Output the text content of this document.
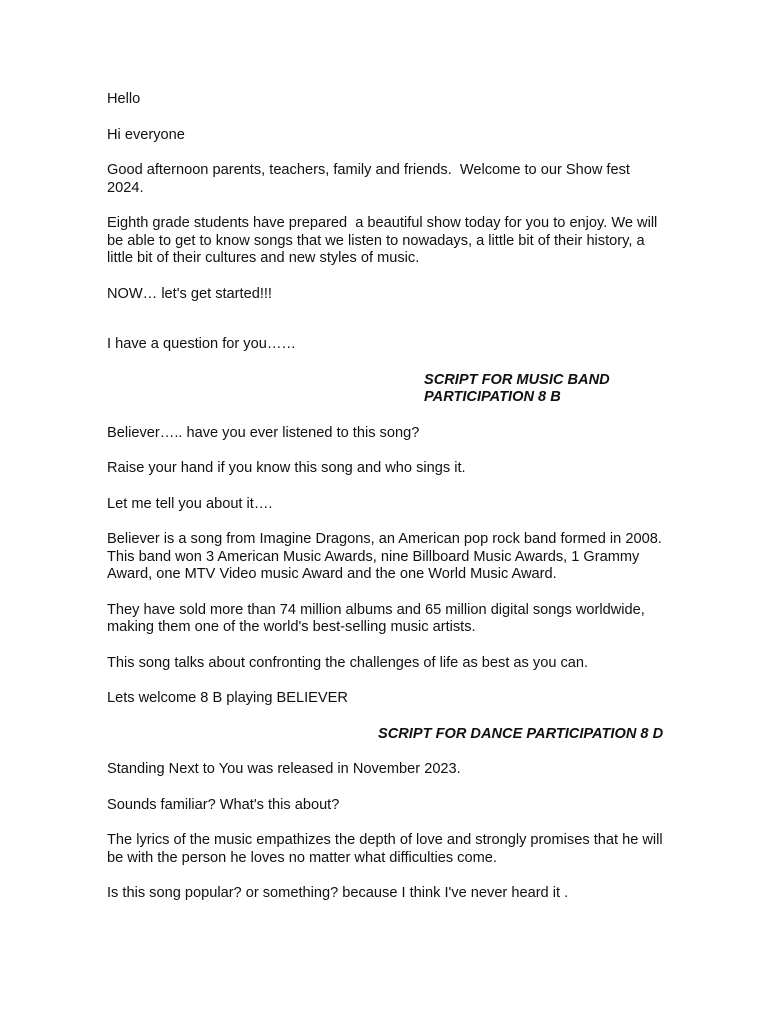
Hello

Hi everyone

Good afternoon parents, teachers, family and friends.  Welcome to our Show fest 2024.

Eighth grade students have prepared  a beautiful show today for you to enjoy. We will be able to get to know songs that we listen to nowadays, a little bit of their history, a little bit of their cultures and new styles of music.

NOW… let's get started!!!

I have a question for you……

SCRIPT FOR MUSIC BAND PARTICIPATION 8 B

Believer….. have you ever listened to this song?

Raise your hand if you know this song and who sings it.

Let me tell you about it….

Believer is a song from Imagine Dragons, an American pop rock band formed in 2008. This band won 3 American Music Awards, nine Billboard Music Awards, 1 Grammy Award, one MTV Video music Award and the one World Music Award.

They have sold more than 74 million albums and 65 million digital songs worldwide, making them one of the world's best-selling music artists.

This song talks about confronting the challenges of life as best as you can.

Lets welcome 8 B playing BELIEVER

SCRIPT FOR DANCE PARTICIPATION 8 D

Standing Next to You was released in November 2023.

Sounds familiar? What's this about?

The lyrics of the music empathizes the depth of love and strongly promises that he will be with the person he loves no matter what difficulties come.

Is this song popular? or something? because I think I've never heard it .
